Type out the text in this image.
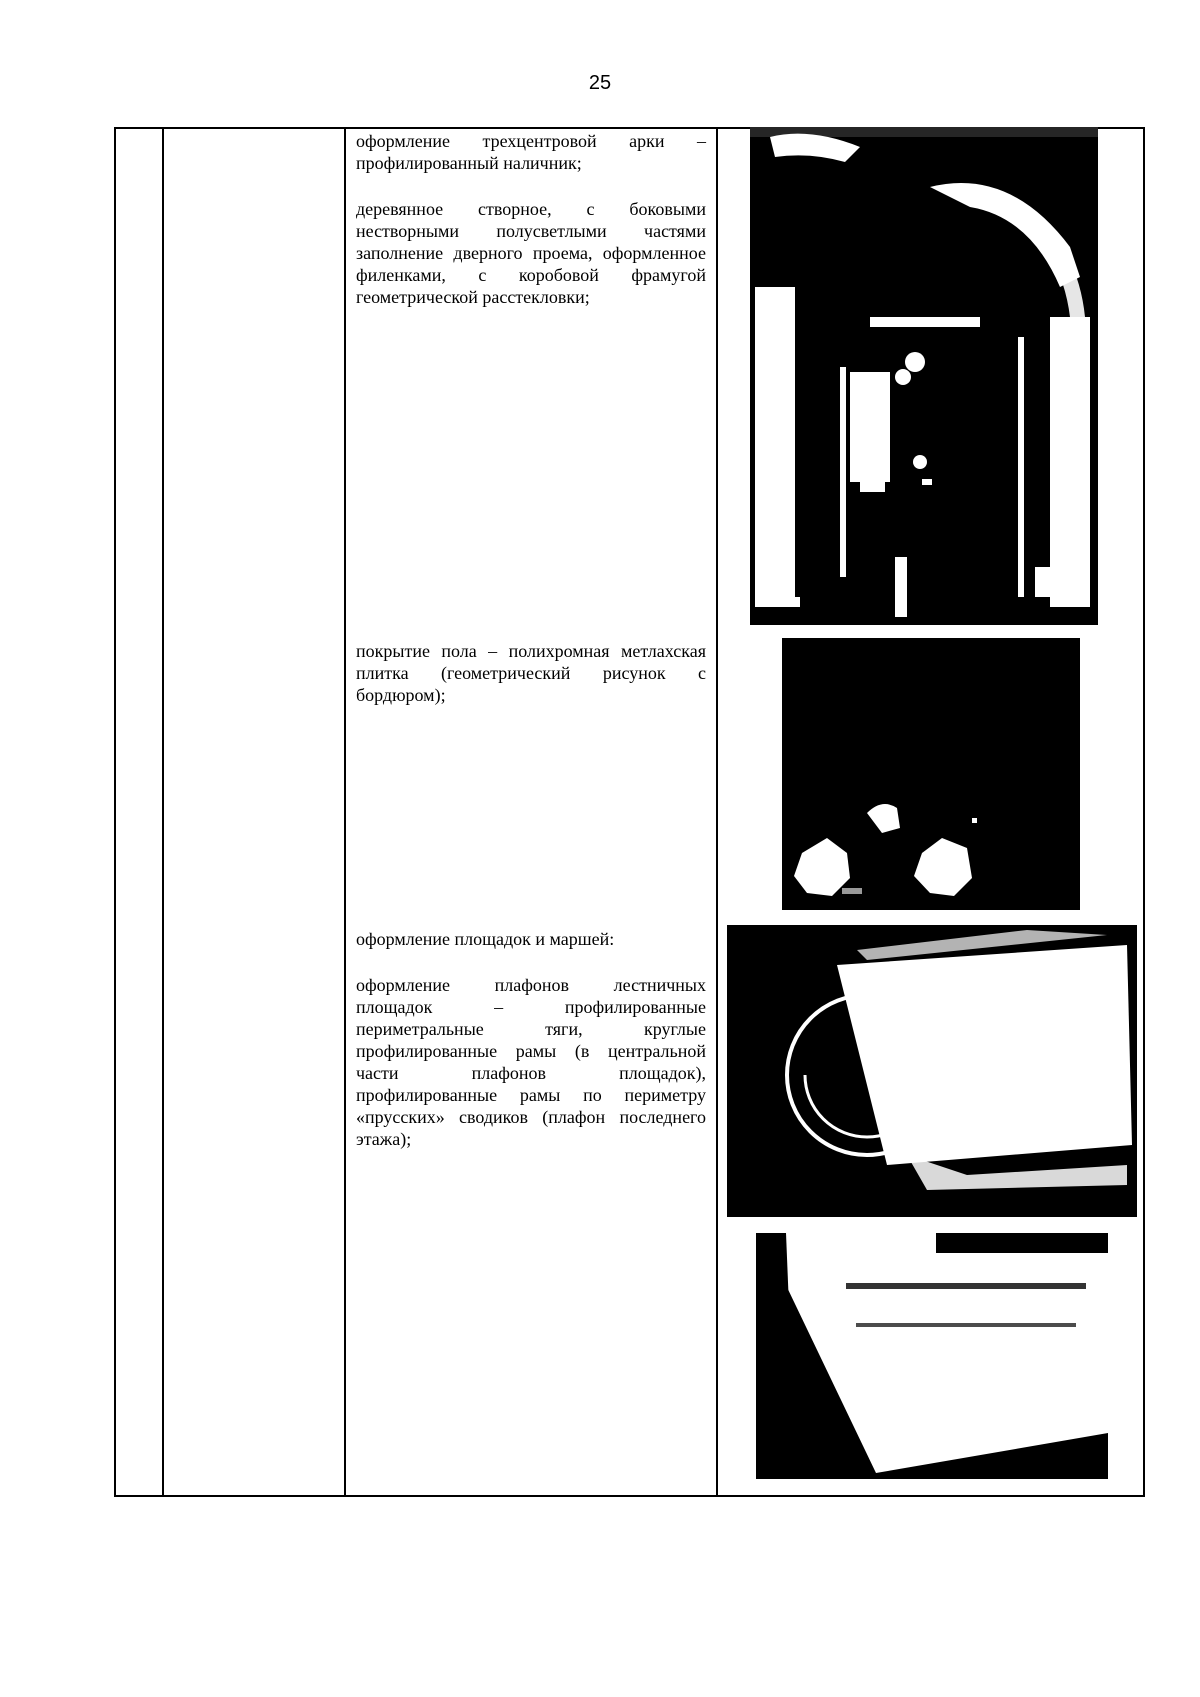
25

оформление трехцентровой арки – профилированный наличник;

деревянное створное, с боковыми нестворными полусветлыми частями заполнение дверного проема, оформленное филенками, с коробовой фрамугой геометрической расстекловки;

покрытие пола – полихромная метлахская плитка (геометрический рисунок с бордюром);

оформление площадок и маршей:

оформление плафонов лестничных площадок – профилированные периметральные тяги, круглые профилированные рамы (в центральной части плафонов площадок), профилированные рамы по периметру «прусских» сводиков (плафон последнего этажа);
